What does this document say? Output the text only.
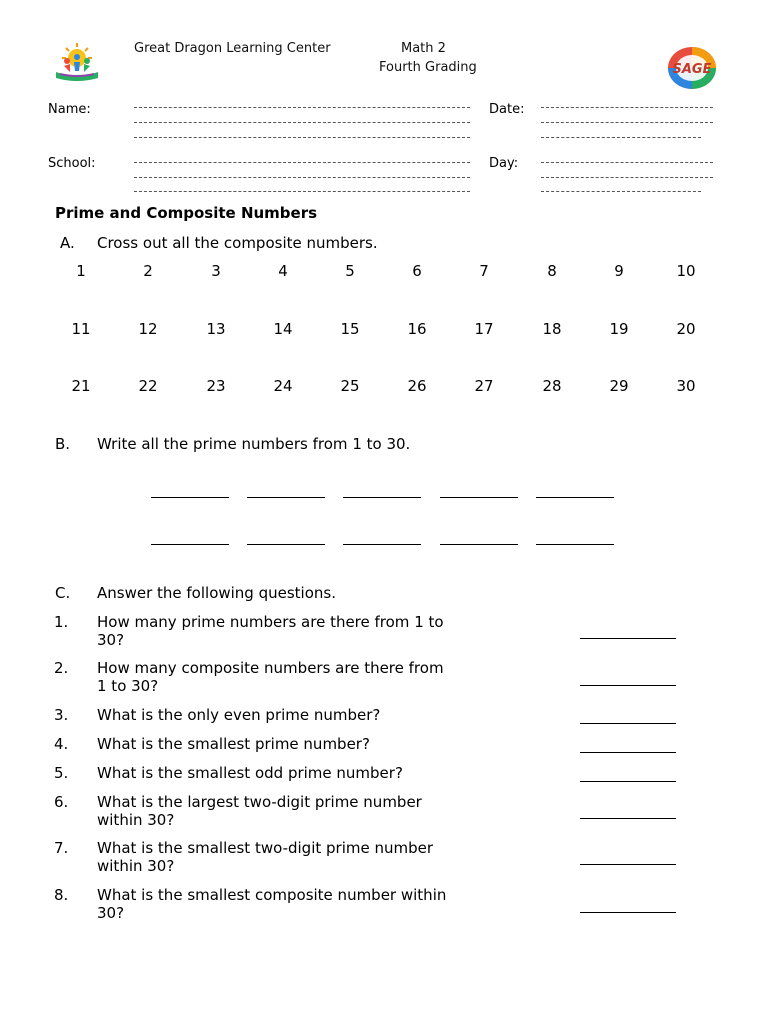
Great Dragon Learning Center	Math 2
Fourth Grading	SAGE
Name:	Date:
School:	Day:
Prime and Composite Numbers
A. Cross out all the composite numbers.
1	2	3	4	5	6	7	8	9	10
11	12	13	14	15	16	17	18	19	20
21	22	23	24	25	26	27	28	29	30
B. Write all the prime numbers from 1 to 30.
C. Answer the following questions.
1. How many prime numbers are there from 1 to
30?
2. How many composite numbers are there from
1 to 30?
3. What is the only even prime number?
4. What is the smallest prime number?
5. What is the smallest odd prime number?
6. What is the largest two-digit prime number
within 30?
7. What is the smallest two-digit prime number
within 30?
8. What is the smallest composite number within
30?
